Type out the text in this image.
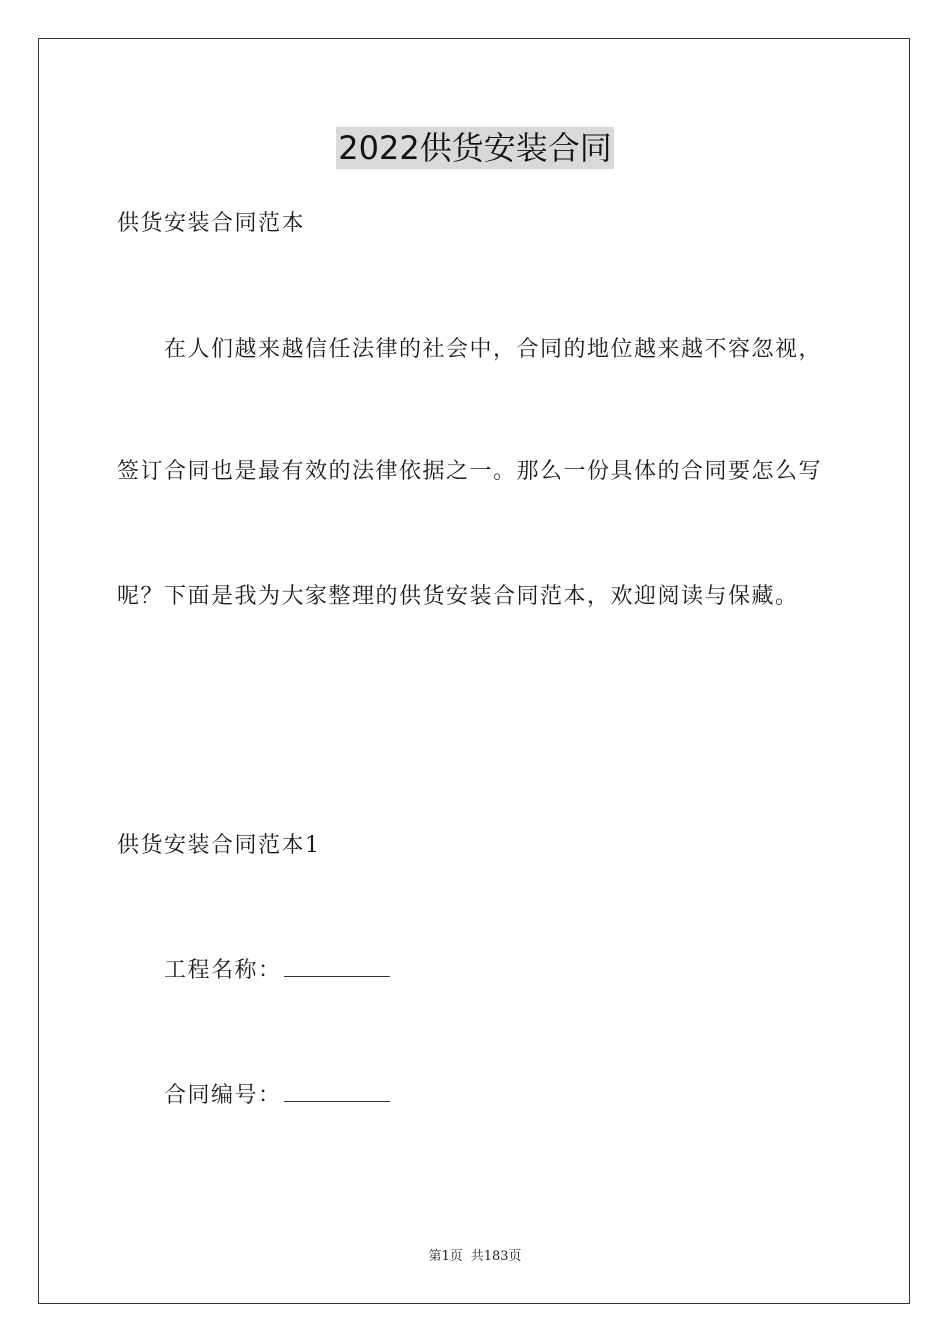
2022供货安装合同
供货安装合同范本
在人们越来越信任法律的社会中，合同的地位越来越不容忽视，
签订合同也是最有效的法律依据之一。那么一份具体的合同要怎么写
呢？下面是我为大家整理的供货安装合同范本，欢迎阅读与保藏。
供货安装合同范本1
工程名称：
合同编号：
第1页 共183页
